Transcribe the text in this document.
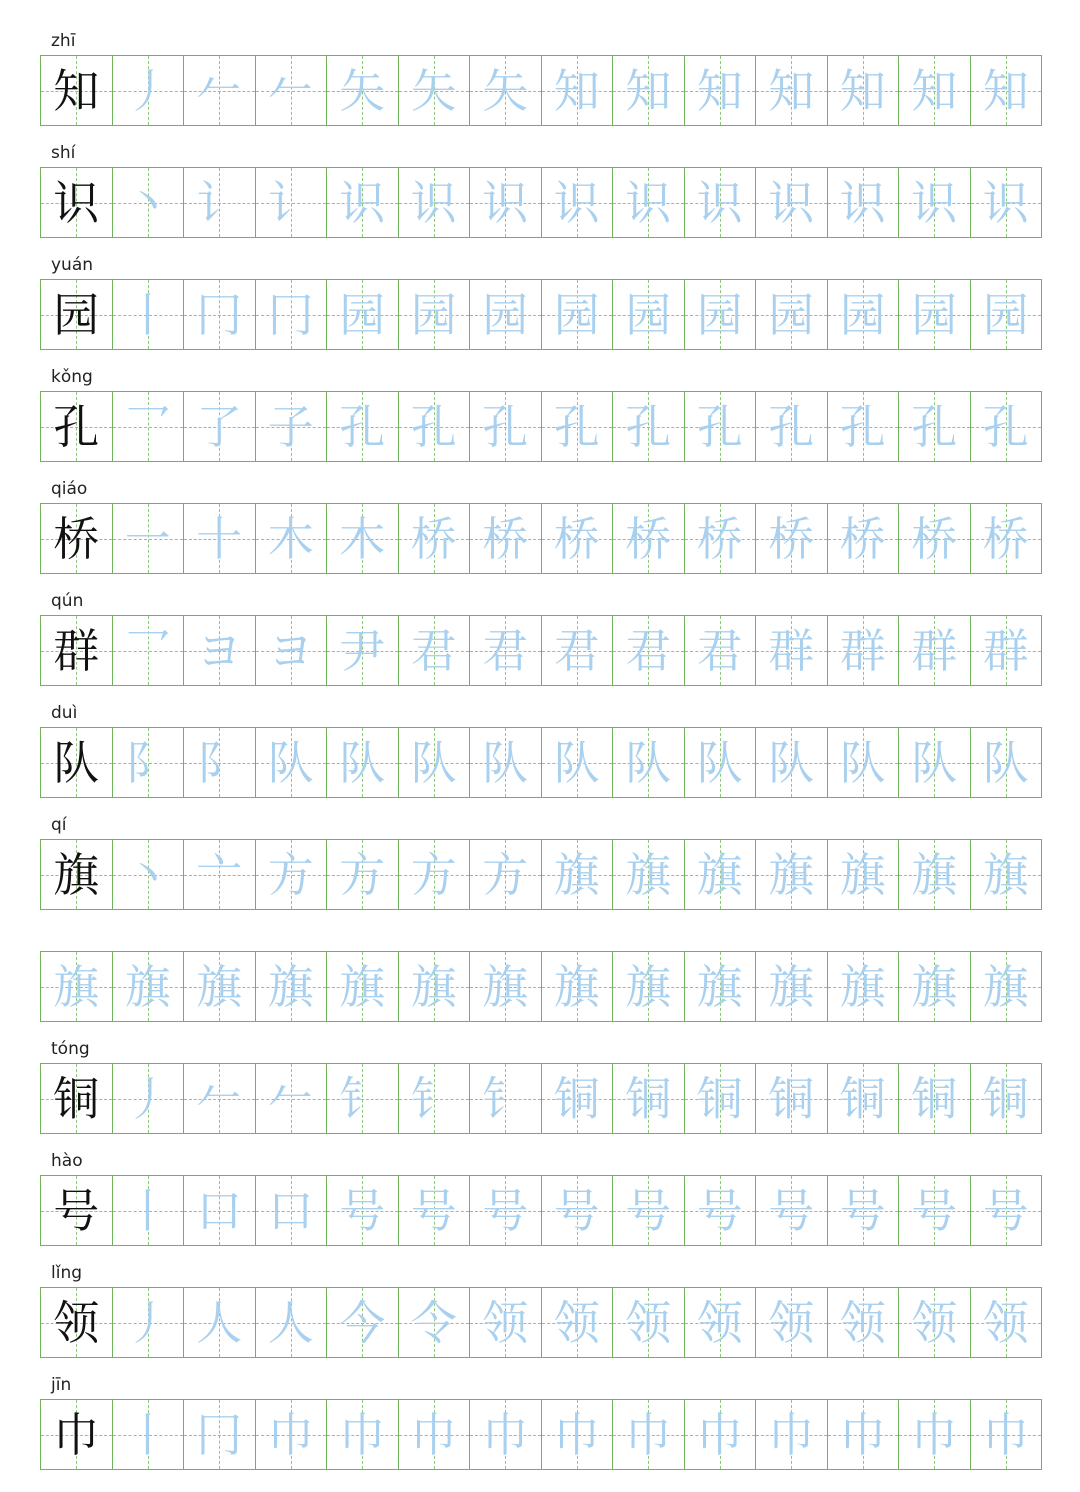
zhī
知 丿 𠂉 𠂉 矢 矢 矢 知 知 知 知 知 知 知
shí
识 丶 讠 讠 识 识 识 识 识 识 识 识 识 识
yuán
园 丨 冂 冂 园 园 园 园 园 园 园 园 园 园
kǒng
孔 乛 了 子 孔 孔 孔 孔 孔 孔 孔 孔 孔 孔
qiáo
桥 一 十 木 木 桥 桥 桥 桥 桥 桥 桥 桥 桥
qún
群 乛 ヨ ヨ 尹 君 君 君 君 君 群 群 群 群
duì
队 阝 阝 队 队 队 队 队 队 队 队 队 队 队
qí
旗 丶 亠 方 方 方 方 旗 旗 旗 旗 旗 旗 旗
旗 旗 旗 旗 旗 旗 旗 旗 旗 旗 旗 旗 旗 旗
tóng
铜 丿 𠂉 𠂉 钅 钅 钅 铜 铜 铜 铜 铜 铜 铜
hào
号 丨 口 口 号 号 号 号 号 号 号 号 号 号
lǐng
领 丿 人 人 今 令 领 领 领 领 领 领 领 领
jīn
巾 丨 冂 巾 巾 巾 巾 巾 巾 巾 巾 巾 巾 巾
